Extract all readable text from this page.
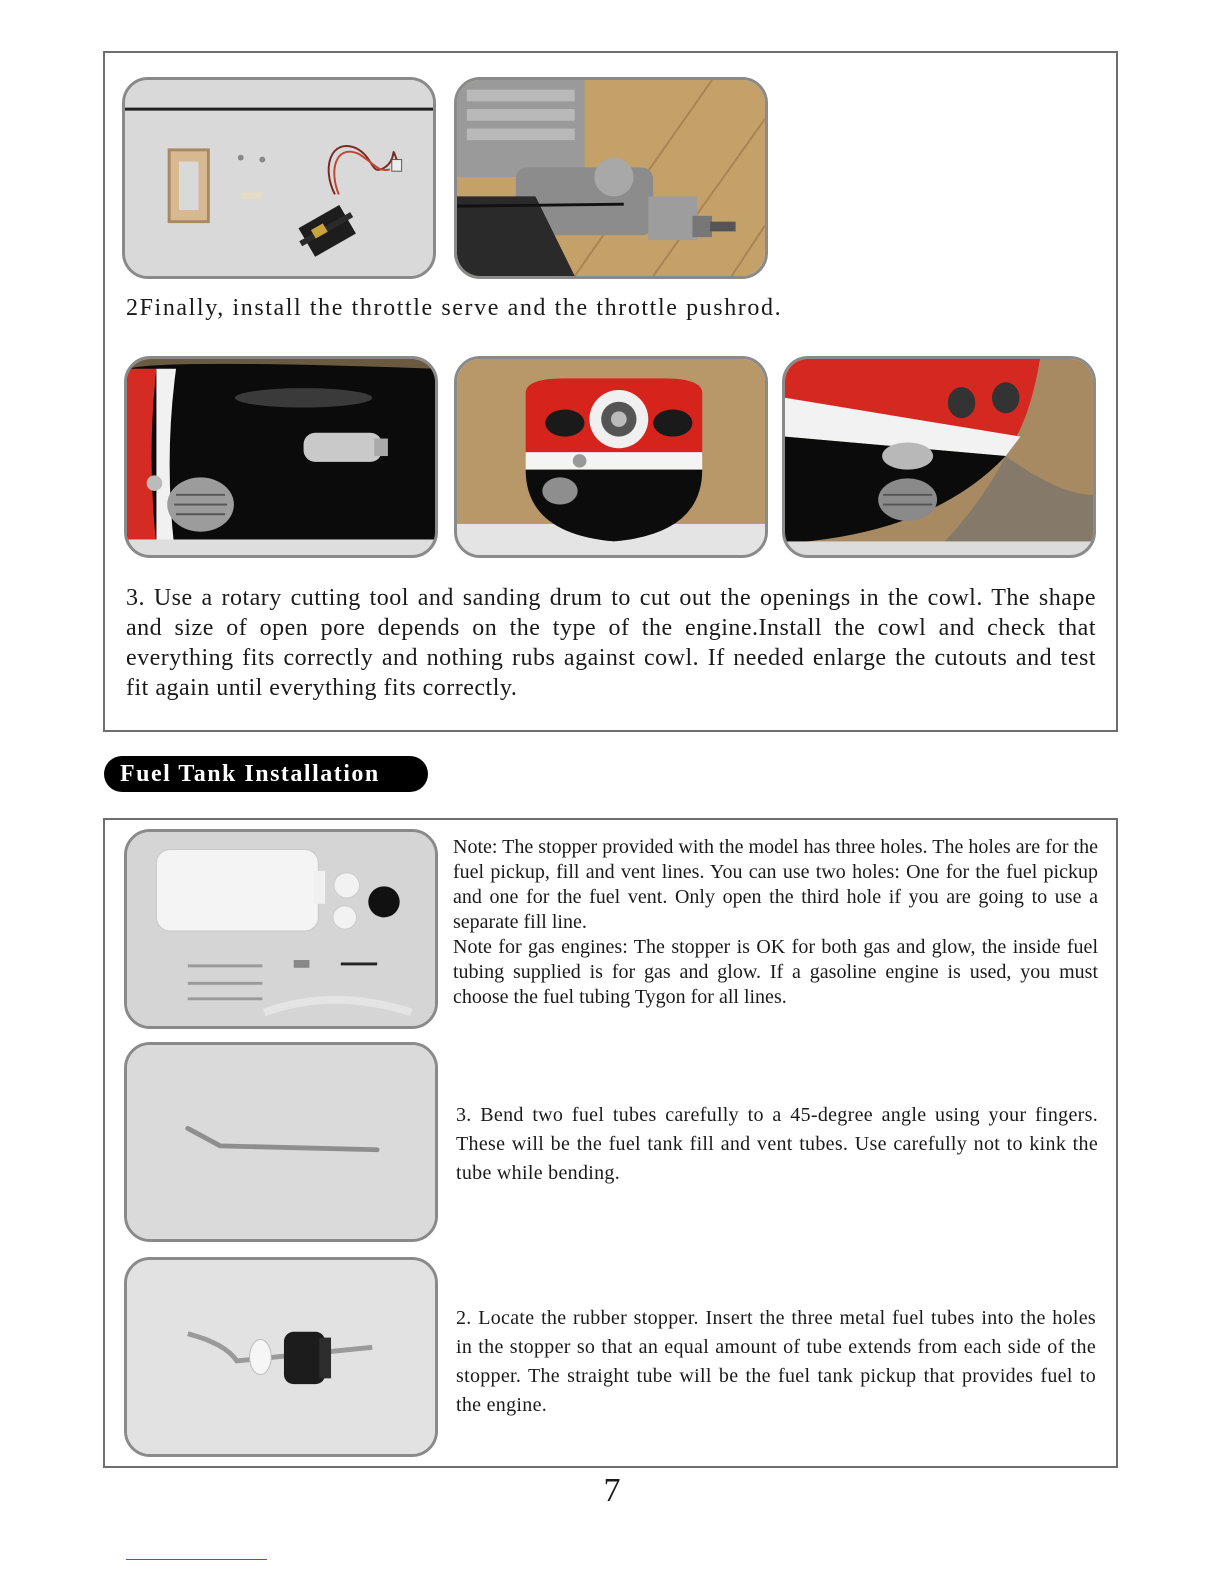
2Finally, install the throttle serve and the throttle pushrod.
3. Use a rotary cutting tool and sanding drum to cut out the openings in the cowl. The shape and size of open pore depends on the type of the engine.Install the cowl and check that everything fits correctly and nothing rubs against cowl. If needed enlarge the cutouts and test fit again until everything fits correctly.
Fuel Tank Installation
Note: The stopper provided with the model has three holes. The holes are for the fuel pickup, fill and vent lines. You can use two holes: One for the fuel pickup and one for the fuel vent. Only open the third hole if you are going to use a separate fill line.
Note for gas engines: The stopper is OK for both gas and glow, the inside fuel tubing supplied is for gas and glow. If a gasoline engine is used, you must choose the fuel tubing Tygon for all lines.
3. Bend two fuel tubes carefully to a 45-degree angle using your fingers. These will be the fuel tank fill and vent tubes. Use carefully not to kink the tube while bending.
2. Locate the rubber stopper. Insert the three metal fuel tubes into the holes in the stopper so that an equal amount of tube extends from each side of the stopper. The straight tube will be the fuel tank pickup that provides fuel to the engine.
7
